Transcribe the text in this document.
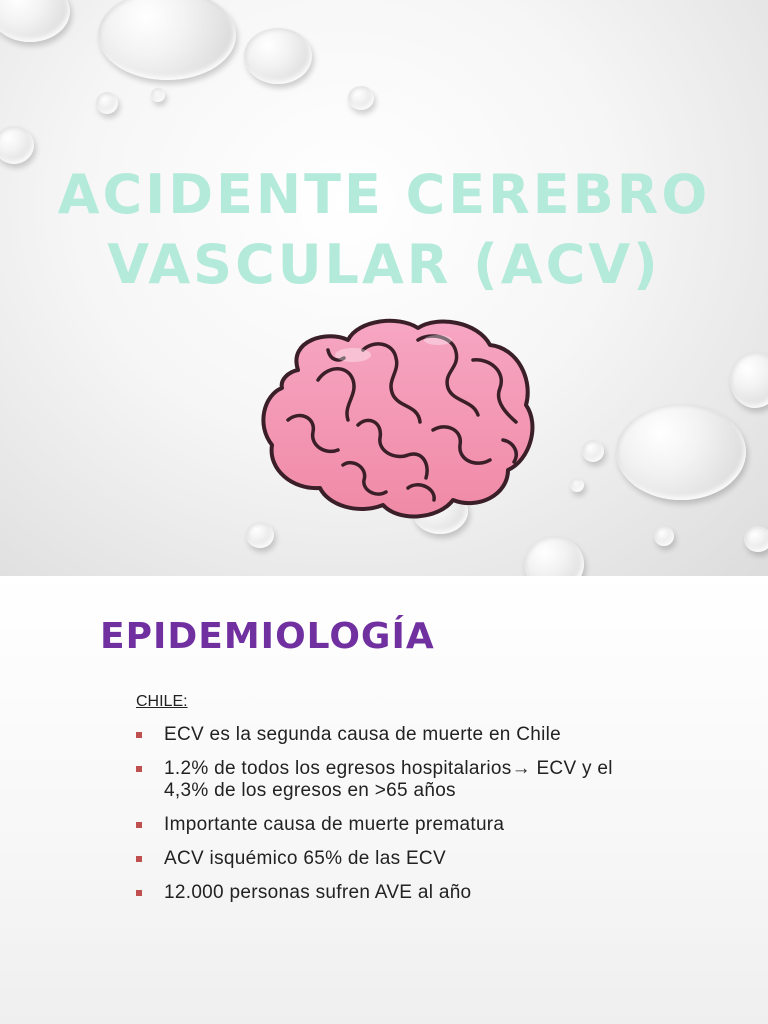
ACIDENTE CEREBRO
VASCULAR (ACV)
EPIDEMIOLOGÍA
CHILE:
ECV es la segunda causa de muerte en Chile
1.2% de todos los egresos hospitalarios→ ECV y el 4,3% de los egresos en >65 años
Importante causa de muerte prematura
ACV isquémico 65% de las ECV
12.000 personas sufren AVE al año
